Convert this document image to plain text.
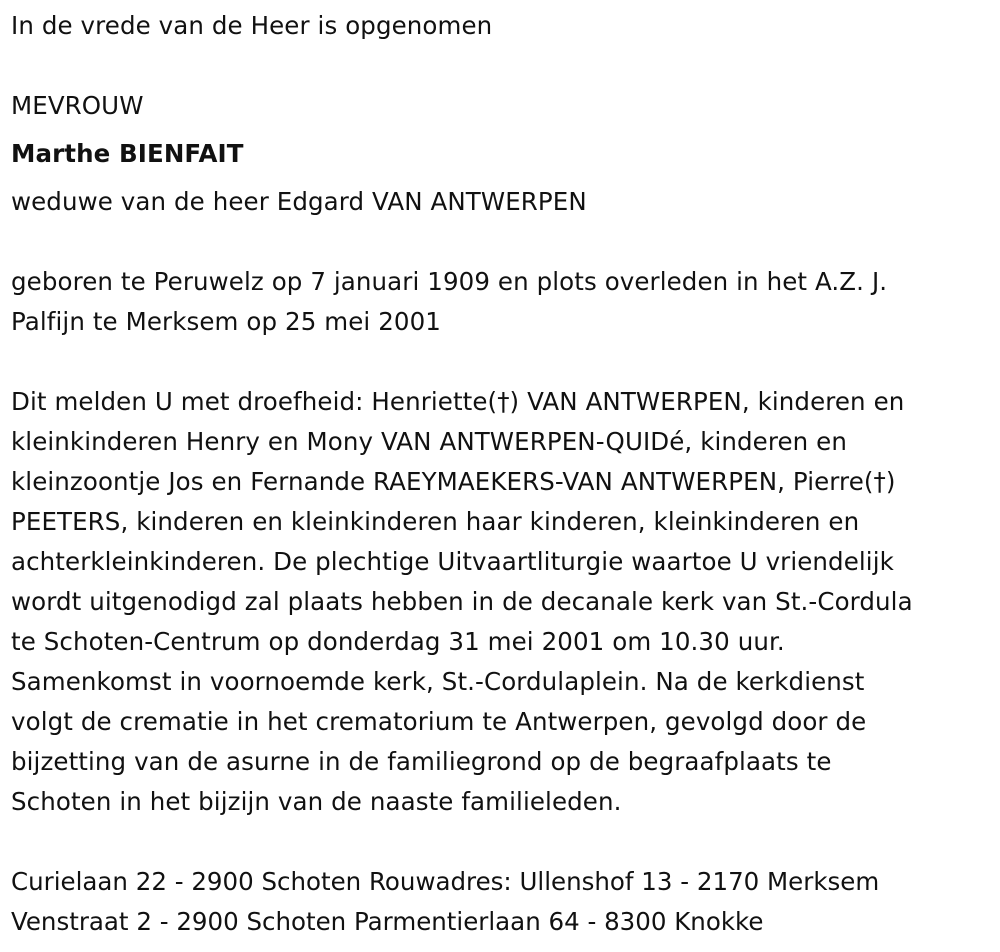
In de vrede van de Heer is opgenomen
MEVROUW
Marthe BIENFAIT
weduwe van de heer Edgard VAN ANTWERPEN
geboren te Peruwelz op 7 januari 1909 en plots overleden in het A.Z. J.
Palfijn te Merksem op 25 mei 2001
Dit melden U met droefheid: Henriette(†) VAN ANTWERPEN, kinderen en
kleinkinderen Henry en Mony VAN ANTWERPEN-QUIDé, kinderen en
kleinzoontje Jos en Fernande RAEYMAEKERS-VAN ANTWERPEN, Pierre(†)
PEETERS, kinderen en kleinkinderen haar kinderen, kleinkinderen en
achterkleinkinderen. De plechtige Uitvaartliturgie waartoe U vriendelijk
wordt uitgenodigd zal plaats hebben in de decanale kerk van St.-Cordula
te Schoten-Centrum op donderdag 31 mei 2001 om 10.30 uur.
Samenkomst in voornoemde kerk, St.-Cordulaplein. Na de kerkdienst
volgt de crematie in het crematorium te Antwerpen, gevolgd door de
bijzetting van de asurne in de familiegrond op de begraafplaats te
Schoten in het bijzijn van de naaste familieleden.
Curielaan 22 - 2900 Schoten Rouwadres: Ullenshof 13 - 2170 Merksem
Venstraat 2 - 2900 Schoten Parmentierlaan 64 - 8300 Knokke
